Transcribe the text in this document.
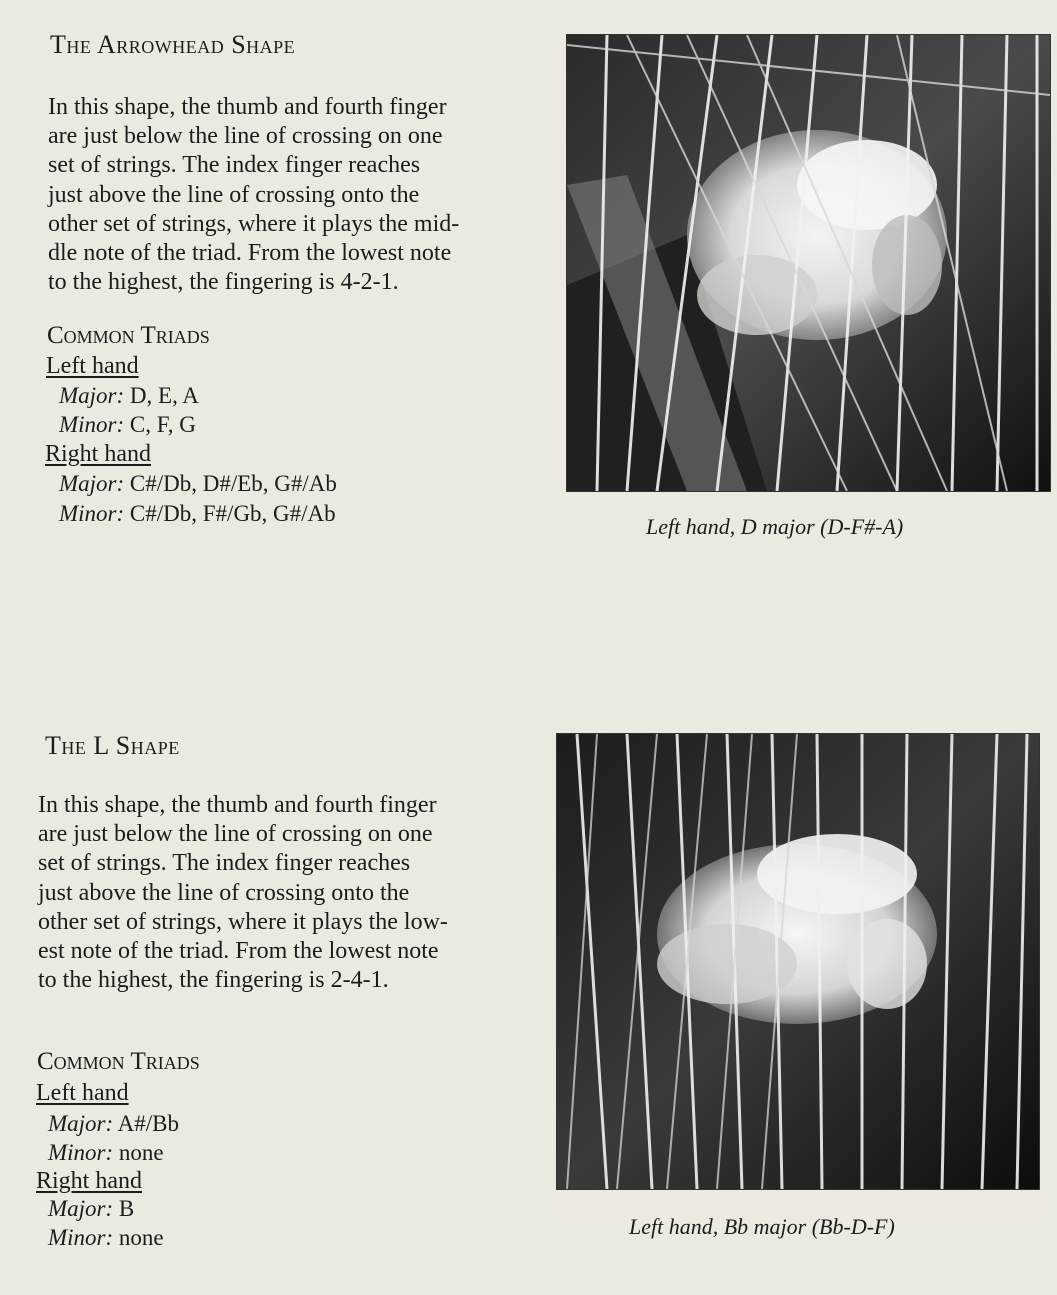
The Arrowhead Shape
In this shape, the thumb and fourth finger
are just below the line of crossing on one
set of strings. The index finger reaches
just above the line of crossing onto the
other set of strings, where it plays the mid-
dle note of the triad. From the lowest note
to the highest, the fingering is 4-2-1.
Common Triads
Left hand
Major: D, E, A
Minor: C, F, G
Right hand
Major: C#/Db, D#/Eb, G#/Ab
Minor: C#/Db, F#/Gb, G#/Ab
Left hand, D major (D-F#-A)
The L Shape
In this shape, the thumb and fourth finger
are just below the line of crossing on one
set of strings. The index finger reaches
just above the line of crossing onto the
other set of strings, where it plays the low-
est note of the triad. From the lowest note
to the highest, the fingering is 2-4-1.
Common Triads
Left hand
Major: A#/Bb
Minor: none
Right hand
Major: B
Minor: none	Left hand, Bb major (Bb-D-F)
